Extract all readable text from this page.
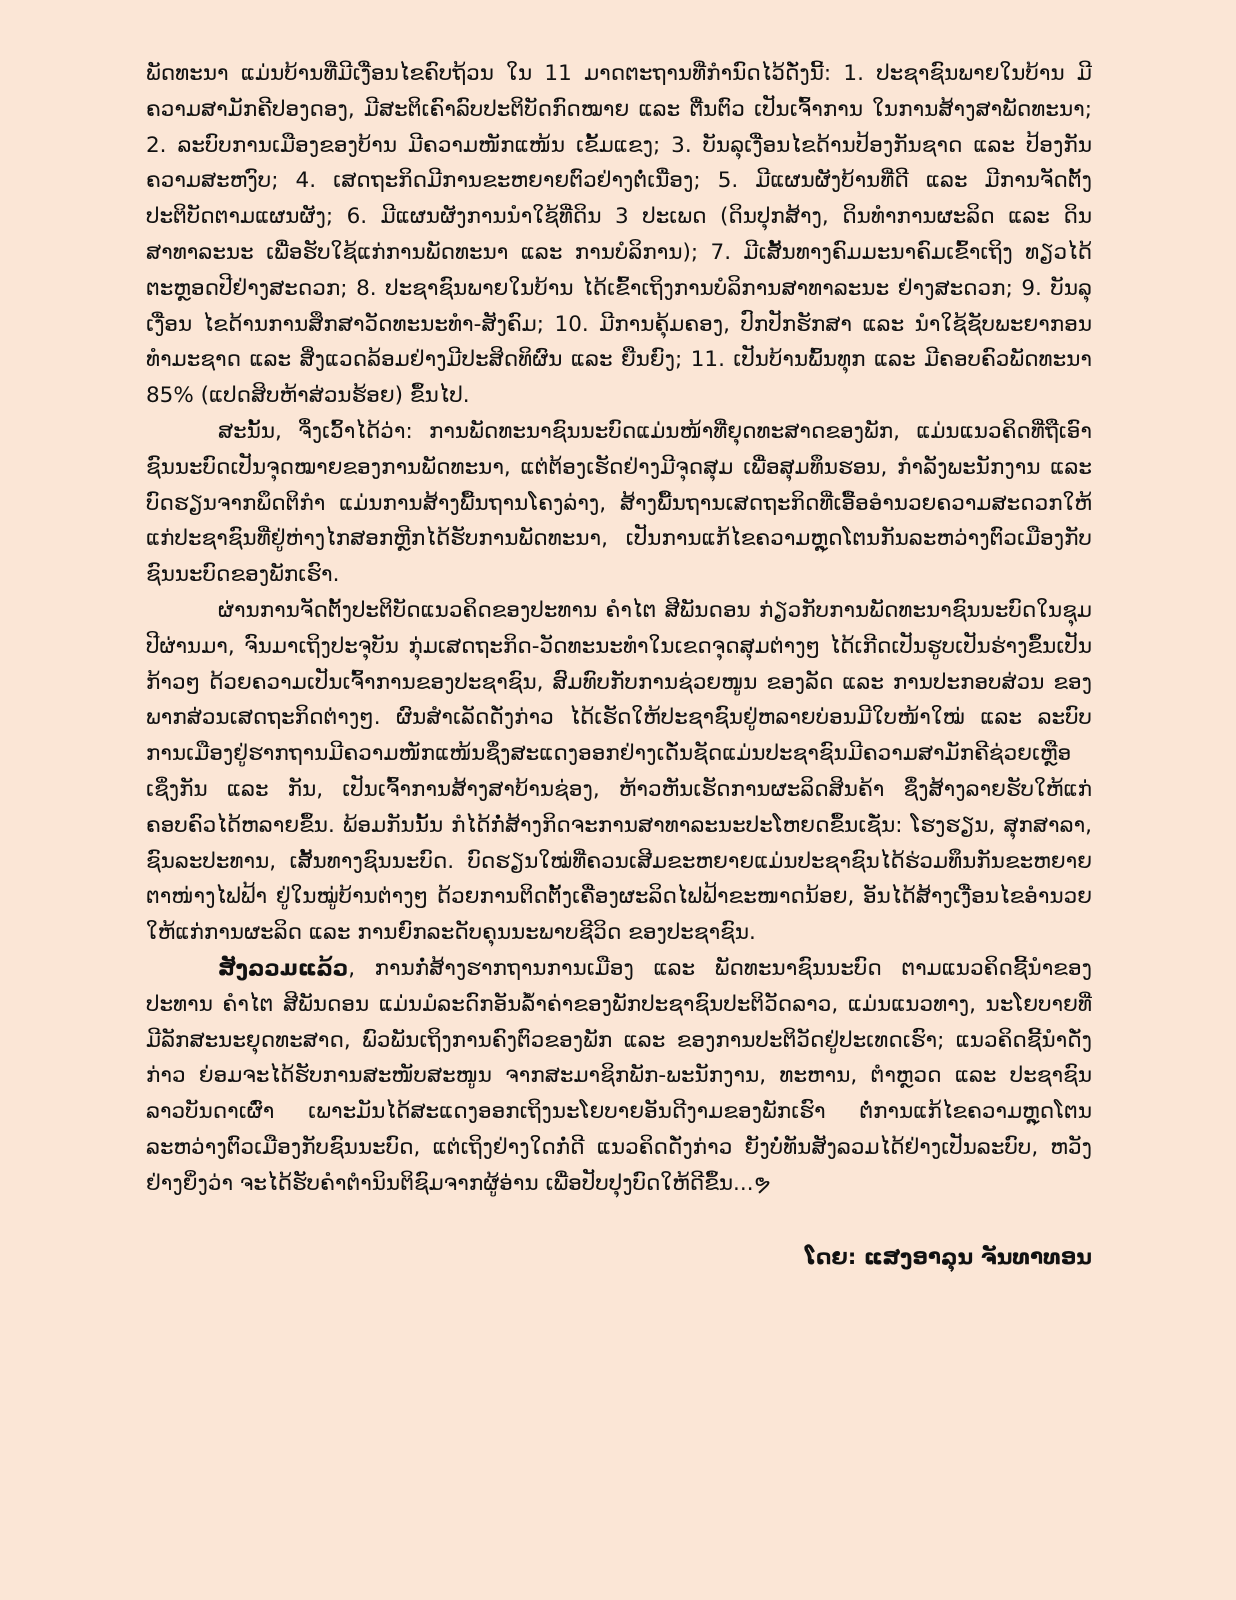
ພັດທະນາ ແມ່ນບ້ານທີ່ມີເງື່ອນໄຂຄົບຖ້ວນ ໃນ 11 ມາດຕະຖານທີ່ກໍານົດໄວ້ດັ່ງນີ້: 1. ປະຊາຊົນພາຍໃນບ້ານ ມີຄວາມສາມັກຄີປອງດອງ, ມີສະຕິເຄົາລົບປະຕິບັດກົດໝາຍ ແລະ ຕື່ນຕົວ ເປັນເຈົ້າການ ໃນການສ້າງສາພັດທະນາ; 2. ລະບົບການເມືອງຂອງບ້ານ ມີຄວາມໜັກແໜ້ນ ເຂັ້ມແຂງ; 3. ບັນລຸເງື່ອນໄຂດ້ານປ້ອງກັນຊາດ ແລະ ປ້ອງກັນຄວາມສະຫງົບ; 4. ເສດຖະກິດມີການຂະຫຍາຍຕົວຢ່າງຕໍ່ເນື່ອງ; 5. ມີແຜນຜັງບ້ານທີ່ດີ ແລະ ມີການຈັດຕັ້ງປະຕິບັດຕາມແຜນຜັງ; 6. ມີແຜນຜັງການນໍາໃຊ້ທີ່ດິນ 3 ປະເພດ (ດິນປຸກສ້າງ, ດິນທໍາການຜະລິດ ແລະ ດິນສາທາລະນະ ເພື່ອຮັບໃຊ້ແກ່ການພັດທະນາ ແລະ ການບໍລິການ); 7. ມີເສັ້ນທາງຄົມມະນາຄົມເຂົ້າເຖິງ ທຽວໄດ້ຕະຫຼອດປີຢ່າງສະດວກ; 8. ປະຊາຊົນພາຍໃນບ້ານ ໄດ້ເຂົ້າເຖິງການບໍລິການສາທາລະນະ ຢ່າງສະດວກ; 9. ບັນລຸເງື່ອນ ໄຂດ້ານການສຶກສາວັດທະນະທໍາ-ສັງຄົມ; 10. ມີການຄຸ້ມຄອງ, ປົກປັກຮັກສາ ແລະ ນໍາໃຊ້ຊັບພະຍາກອນທໍາມະຊາດ ແລະ ສິ່ງແວດລ້ອມຢ່າງມີປະສິດທິຜົນ ແລະ ຍືນຍົງ; 11. ເປັນບ້ານພົ້ນທຸກ ແລະ ມີຄອບຄົວພັດທະນາ 85% (ແປດສິບຫ້າສ່ວນຮ້ອຍ) ຂຶ້ນໄປ.

ສະນັ້ນ, ຈຶ່ງເວົ້າໄດ້ວ່າ: ການພັດທະນາຊົນນະບົດແມ່ນໜ້າທີ່ຍຸດທະສາດຂອງພັກ, ແມ່ນແນວຄິດທີ່ຖືເອົາຊົນນະບົດເປັນຈຸດໝາຍຂອງການພັດທະນາ, ແຕ່ຕ້ອງເຮັດຢ່າງມີຈຸດສຸມ ເພື່ອສຸມທຶນຮອນ, ກໍາລັງພະນັກງານ ແລະ ບົດຮຽນຈາກພຶດຕິກໍາ ແມ່ນການສ້າງພື້ນຖານໂຄງລ່າງ, ສ້າງພື້ນຖານເສດຖະກິດທີ່ເອື້ອອໍານວຍຄວາມສະດວກໃຫ້ແກ່ປະຊາຊົນທີ່ຢູ່ຫ່າງໄກສອກຫຼີກໄດ້ຮັບການພັດທະນາ, ເປັນການແກ້ໄຂຄວາມຫຼຸດໂຕນກັນລະຫວ່າງຕົວເມືອງກັບຊົນນະບົດຂອງພັກເຮົາ.

ຜ່ານການຈັດຕັ້ງປະຕິບັດແນວຄິດຂອງປະທານ ຄໍາໄຕ ສີພັນດອນ ກ່ຽວກັບການພັດທະນາຊົນນະບົດໃນຊຸມປີຜ່ານມາ, ຈົນມາເຖິງປະຈຸບັນ ກຸ່ມເສດຖະກິດ-ວັດທະນະທໍາໃນເຂດຈຸດສຸມຕ່າງໆ ໄດ້ເກີດເປັນຮູບເປັນຮ່າງຂຶ້ນເປັນກ້າວໆ ດ້ວຍຄວາມເປັນເຈົ້າການຂອງປະຊາຊົນ, ສົມທົບກັບການຊ່ວຍໜູນ ຂອງລັດ ແລະ ການປະກອບສ່ວນ ຂອງພາກສ່ວນເສດຖະກິດຕ່າງໆ. ຜົນສໍາເລັດດັ່ງກ່າວ ໄດ້ເຮັດໃຫ້ປະຊາຊົນຢູ່ຫລາຍບ່ອນມີໃບໜ້າໃໝ່ ແລະ ລະບົບການເມືອງຢູ່ຮາກຖານມີຄວາມໜັກແໜ້ນຊຶ່ງສະແດງອອກຢ່າງເດັ່ນຊັດແມ່ນປະຊາຊົນມີຄວາມສາມັກຄີຊ່ວຍເຫຼືອເຊິ່ງກັນ ແລະ ກັນ, ເປັນເຈົ້າການສ້າງສາບ້ານຊ່ອງ, ຫ້າວຫັນເຮັດການຜະລິດສິນຄ້າ ຊຶ່ງສ້າງລາຍຮັບໃຫ້ແກ່ຄອບຄົວໄດ້ຫລາຍຂຶ້ນ. ພ້ອມກັນນັ້ນ ກໍໄດ້ກໍ່ສ້າງກິດຈະການສາທາລະນະປະໂຫຍດຂຶ້ນເຊັ່ນ: ໂຮງຮຽນ, ສຸກສາລາ, ຊົນລະປະທານ, ເສັ້ນທາງຊົນນະບົດ. ບົດຮຽນໃໝ່ທີ່ຄວນເສີມຂະຫຍາຍແມ່ນປະຊາຊົນໄດ້ຮ່ວມທຶນກັນຂະຫຍາຍຕາໜ່າງໄຟຟ້າ ຢູ່ໃນໝູ່ບ້ານຕ່າງໆ ດ້ວຍການຕິດຕັ້ງເຄື່ອງຜະລິດໄຟຟ້າຂະໜາດນ້ອຍ, ອັນໄດ້ສ້າງເງື່ອນໄຂອໍານວຍໃຫ້ແກ່ການຜະລິດ ແລະ ການຍົກລະດັບຄຸນນະພາບຊີວິດ ຂອງປະຊາຊົນ.

ສັງລວມແລ້ວ, ການກໍ່ສ້າງຮາກຖານການເມືອງ ແລະ ພັດທະນາຊົນນະບົດ ຕາມແນວຄິດຊີ້ນໍາຂອງປະທານ ຄໍາໄຕ ສີພັນດອນ ແມ່ນມໍລະດົກອັນລໍ້າຄ່າຂອງພັກປະຊາຊົນປະຕິວັດລາວ, ແມ່ນແນວທາງ, ນະໂຍບາຍທີ່ມີລັກສະນະຍຸດທະສາດ, ພົວພັນເຖິງການຄົງຕົວຂອງພັກ ແລະ ຂອງການປະຕິວັດຢູ່ປະເທດເຮົາ; ແນວຄິດຊີ້ນໍາດັ່ງກ່າວ ຍ່ອມຈະໄດ້ຮັບການສະໜັບສະໜູນ ຈາກສະມາຊິກພັກ-ພະນັກງານ, ທະຫານ, ຕໍາຫຼວດ ແລະ ປະຊາຊົນລາວບັນດາເຜົ່າ ເພາະມັນໄດ້ສະແດງອອກເຖິງນະໂຍບາຍອັນດີງາມຂອງພັກເຮົາ ຕໍ່ການແກ້ໄຂຄວາມຫຼຸດໂຕນລະຫວ່າງຕົວເມືອງກັບຊົນນະບົດ, ແຕ່ເຖິງຢ່າງໃດກໍ່ດີ ແນວຄິດດັ່ງກ່າວ ຍັງບໍ່ທັນສັງລວມໄດ້ຢ່າງເປັນລະບົບ, ຫວັງຢ່າງຍິ່ງວ່າ ຈະໄດ້ຮັບຄໍາຕໍານິນຕິຊົມຈາກຜູ້ອ່ານ ເພື່ອປັບປຸງບົດໃຫ້ດີຂຶ້ນ...ຯ

ໂດຍ: ແສງອາລຸນ ຈັນທາທອນ
